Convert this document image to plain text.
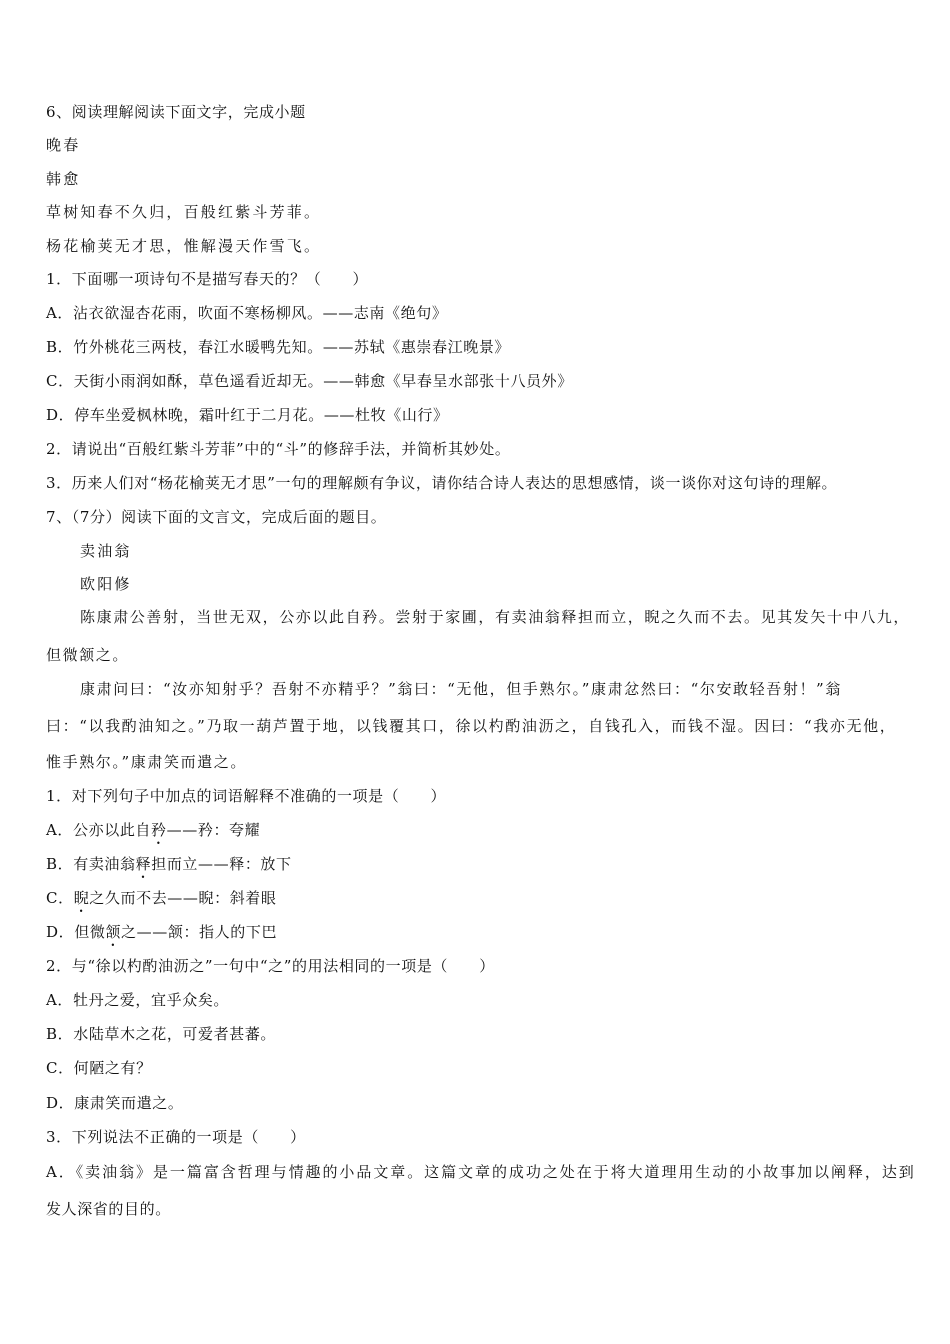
6、阅读理解阅读下面文字，完成小题
晚春
韩愈
草树知春不久归，百般红紫斗芳菲。
杨花榆荚无才思，惟解漫天作雪飞。
1．下面哪一项诗句不是描写春天的？（　　）
A．沾衣欲湿杏花雨，吹面不寒杨柳风。——志南《绝句》
B．竹外桃花三两枝，春江水暖鸭先知。——苏轼《惠崇春江晚景》
C．天街小雨润如酥，草色遥看近却无。——韩愈《早春呈水部张十八员外》
D．停车坐爱枫林晚，霜叶红于二月花。——杜牧《山行》
2．请说出“百般红紫斗芳菲”中的“斗”的修辞手法，并简析其妙处。
3．历来人们对“杨花榆荚无才思”一句的理解颇有争议，请你结合诗人表达的思想感情，谈一谈你对这句诗的理解。
7、（7分）阅读下面的文言文，完成后面的题目。
卖油翁
欧阳修
陈康肃公善射，当世无双，公亦以此自矜。尝射于家圃，有卖油翁释担而立，睨之久而不去。见其发矢十中八九，
但微颔之。
康肃问曰：“汝亦知射乎？吾射不亦精乎？”翁曰：“无他，但手熟尔。”康肃忿然曰：“尔安敢轻吾射！”翁
曰：“以我酌油知之。”乃取一葫芦置于地，以钱覆其口，徐以杓酌油沥之，自钱孔入，而钱不湿。因曰：“我亦无他，
惟手熟尔。”康肃笑而遣之。
1．对下列句子中加点的词语解释不准确的一项是（　　）
A．公亦以此自矜——矜：夸耀
B．有卖油翁释担而立——释：放下
C．睨之久而不去——睨：斜着眼
D．但微颔之——颔：指人的下巴
2．与“徐以杓酌油沥之”一句中“之”的用法相同的一项是（　　）
A．牡丹之爱，宜乎众矣。
B．水陆草木之花，可爱者甚蕃。
C．何陋之有？
D．康肃笑而遣之。
3．下列说法不正确的一项是（　　）
A．《卖油翁》是一篇富含哲理与情趣的小品文章。这篇文章的成功之处在于将大道理用生动的小故事加以阐释，达到
发人深省的目的。
